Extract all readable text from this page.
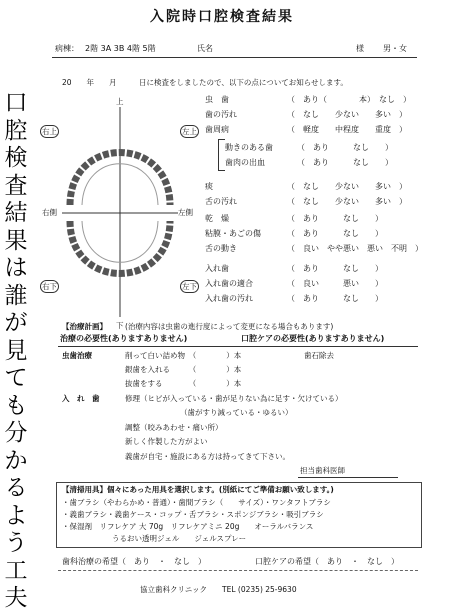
口
腔
検
査
結
果
は
誰
が
見
て
も
分
か
る
よ
う
工
夫
入院時口腔検査結果
病棟： 2階 3A 3B 4階 5階	氏名	様 男・女
20　　年　　月　　　日に検査をしましたので、以下の点についてお知らせします。
上
下
右上	左上
右下	左下
右側	左側
虫　歯	（　あり（　　　　本）　なし　）
歯の汚れ	（　なし　　少ない　　多い　）
歯周病	（　軽度　　中程度　　重度　）
動きのある歯	（　あり　　　なし　　）
歯肉の出血	（　あり　　　なし　　）
痰	（　なし　　少ない　　多い　）
舌の汚れ	（　なし　　少ない　　多い　）
乾　燥	（　あり　　　なし　　）
粘膜・あごの傷	（　あり　　　なし　　）
舌の動き	（　良い　やや悪い　悪い　不明　）
入れ歯	（　あり　　　なし　　）
入れ歯の適合	（　良い　　　悪い　　）
入れ歯の汚れ	（　あり　　　なし　　）
【治療計画】 (治療内容は虫歯の進行度によって変更になる場合もあります)
治療の必要性(ありますありません)	口腔ケアの必要性(ありますありません)
虫歯治療	削って白い詰め物　（　　　　）本
銀歯を入れる　　　（　　　　）本
抜歯をする　　　　（　　　　）本
歯石除去
入　れ　歯	修理（ヒビが入っている・歯が足りない為に足す・欠けている）
（歯がすり減っている・ゆるい）
調整（咬みあわせ・痛い所）
新しく作製した方がよい
義歯が自宅・施設にある方は持ってきて下さい。
担当歯科医師
【清掃用具】個々にあった用具を選択します。(別紙にてご準備お願い致します。)
・歯ブラシ（やわらかめ・普通）・歯間ブラシ（　　サイズ）・ワンタフトブラシ
・義歯ブラシ・義歯ケース・コップ・舌ブラシ・スポンジブラシ・吸引ブラシ
・保湿剤　リフレケア 大 70g　リフレケアミニ 20g　　オーラルバランス
うるおい透明ジェル　　ジェルスプレー
歯科治療の希望（　あり　・　なし　）	口腔ケアの希望（　あり　・　なし　）
協立歯科クリニック　　TEL (0235) 25-9630
